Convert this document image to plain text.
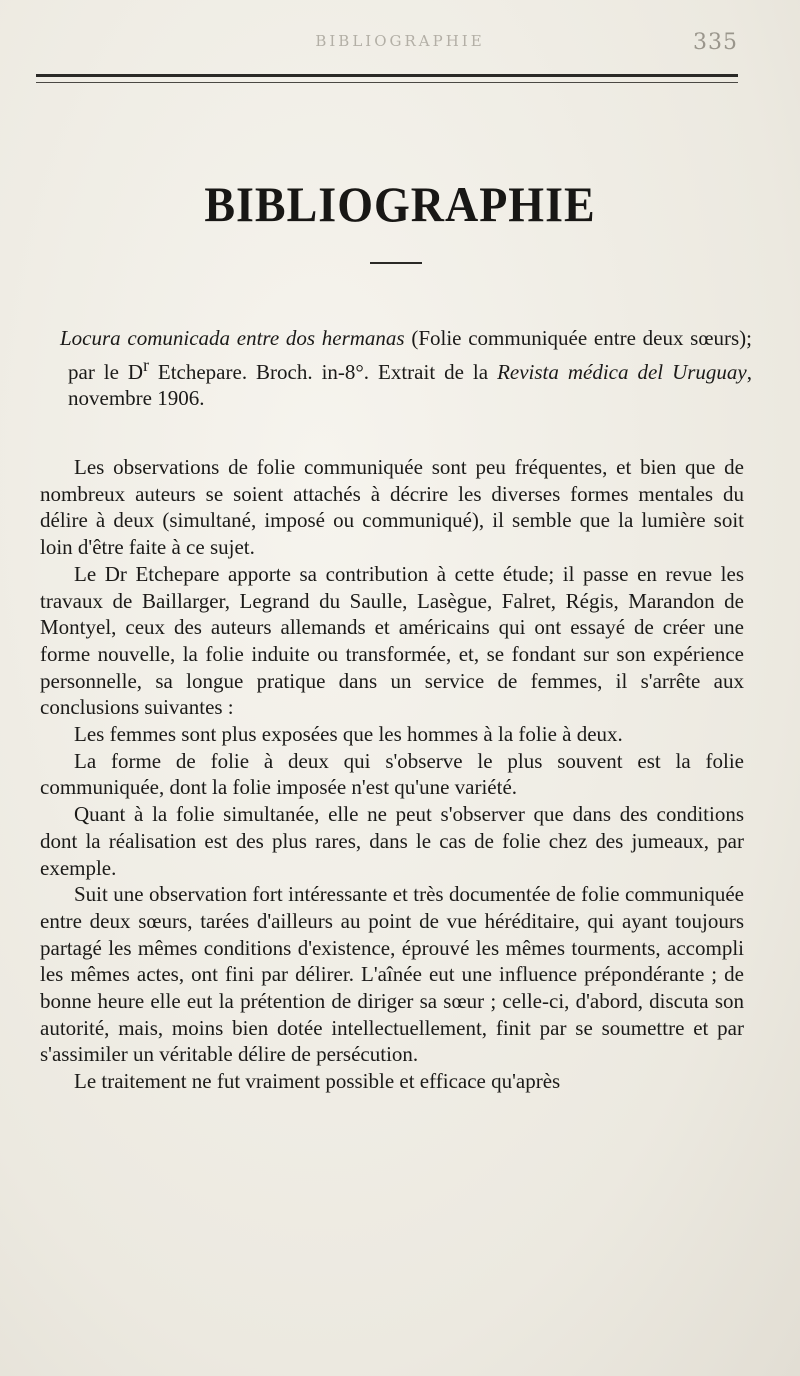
BIBLIOGRAPHIE	335
BIBLIOGRAPHIE
Locura comunicada entre dos hermanas (Folie communiquée entre deux sœurs); par le $D^r$ Etchepare. Broch. in-8°. Extrait de la Revista médica del Uruguay, novembre 1906.

Les observations de folie communiquée sont peu fréquentes, et bien que de nombreux auteurs se soient attachés à décrire les diverses formes mentales du délire à deux (simultané, imposé ou communiqué), il semble que la lumière soit loin d'être faite à ce sujet.

Le Dr Etchepare apporte sa contribution à cette étude; il passe en revue les travaux de Baillarger, Legrand du Saulle, Lasègue, Falret, Régis, Marandon de Montyel, ceux des auteurs allemands et américains qui ont essayé de créer une forme nouvelle, la folie induite ou transformée, et, se fondant sur son expérience personnelle, sa longue pratique dans un service de femmes, il s'arrête aux conclusions suivantes :

Les femmes sont plus exposées que les hommes à la folie à deux.

La forme de folie à deux qui s'observe le plus souvent est la folie communiquée, dont la folie imposée n'est qu'une variété.

Quant à la folie simultanée, elle ne peut s'observer que dans des conditions dont la réalisation est des plus rares, dans le cas de folie chez des jumeaux, par exemple.

Suit une observation fort intéressante et très documentée de folie communiquée entre deux sœurs, tarées d'ailleurs au point de vue héréditaire, qui ayant toujours partagé les mêmes conditions d'existence, éprouvé les mêmes tourments, accompli les mêmes actes, ont fini par délirer. L'aînée eut une influence prépondérante ; de bonne heure elle eut la prétention de diriger sa sœur ; celle-ci, d'abord, discuta son autorité, mais, moins bien dotée intellectuellement, finit par se soumettre et par s'assimiler un véritable délire de persécution.

Le traitement ne fut vraiment possible et efficace qu'après
